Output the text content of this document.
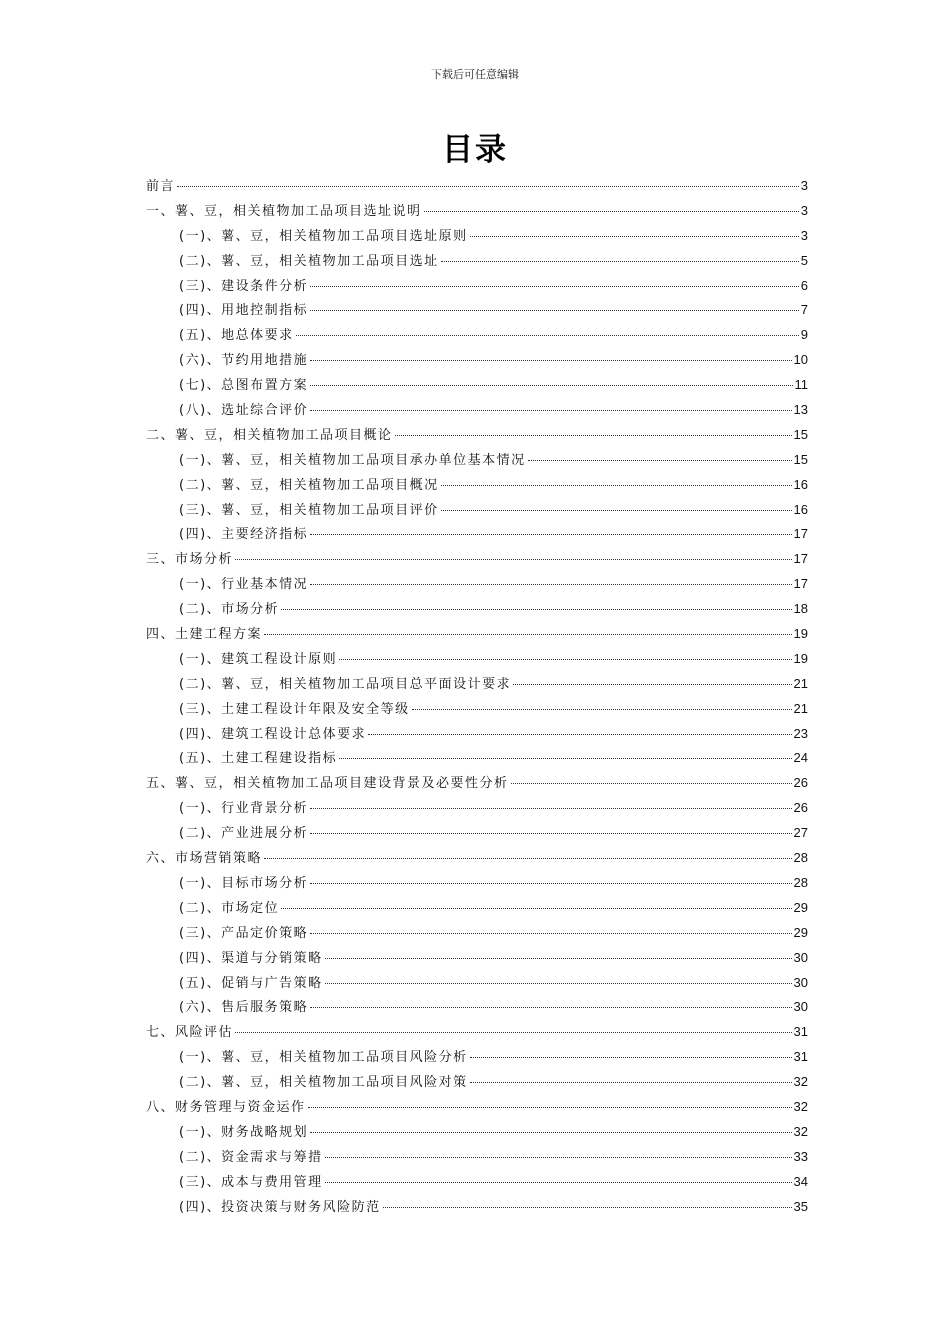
下载后可任意编辑
目录
前言	3
一、薯、豆，相关植物加工品项目选址说明	3
(一)、薯、豆，相关植物加工品项目选址原则	3
(二)、薯、豆，相关植物加工品项目选址	5
(三)、建设条件分析	6
(四)、用地控制指标	7
(五)、地总体要求	9
(六)、节约用地措施	10
(七)、总图布置方案	11
(八)、选址综合评价	13
二、薯、豆，相关植物加工品项目概论	15
(一)、薯、豆，相关植物加工品项目承办单位基本情况	15
(二)、薯、豆，相关植物加工品项目概况	16
(三)、薯、豆，相关植物加工品项目评价	16
(四)、主要经济指标	17
三、市场分析	17
(一)、行业基本情况	17
(二)、市场分析	18
四、土建工程方案	19
(一)、建筑工程设计原则	19
(二)、薯、豆，相关植物加工品项目总平面设计要求	21
(三)、土建工程设计年限及安全等级	21
(四)、建筑工程设计总体要求	23
(五)、土建工程建设指标	24
五、薯、豆，相关植物加工品项目建设背景及必要性分析	26
(一)、行业背景分析	26
(二)、产业进展分析	27
六、市场营销策略	28
(一)、目标市场分析	28
(二)、市场定位	29
(三)、产品定价策略	29
(四)、渠道与分销策略	30
(五)、促销与广告策略	30
(六)、售后服务策略	30
七、风险评估	31
(一)、薯、豆，相关植物加工品项目风险分析	31
(二)、薯、豆，相关植物加工品项目风险对策	32
八、财务管理与资金运作	32
(一)、财务战略规划	32
(二)、资金需求与筹措	33
(三)、成本与费用管理	34
(四)、投资决策与财务风险防范	35
